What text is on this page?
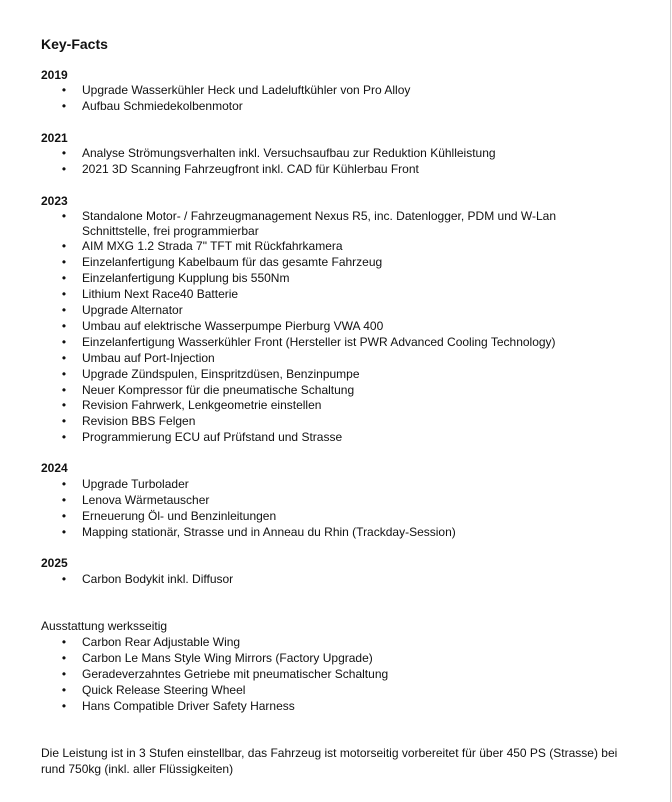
Key-Facts
2019
• Upgrade Wasserkühler Heck und Ladeluftkühler von Pro Alloy
• Aufbau Schmiedekolbenmotor
2021
• Analyse Strömungsverhalten inkl. Versuchsaufbau zur Reduktion Kühlleistung
• 2021 3D Scanning Fahrzeugfront inkl. CAD für Kühlerbau Front
2023
• Standalone Motor- / Fahrzeugmanagement Nexus R5, inc. Datenlogger, PDM und W-Lan Schnittstelle, frei programmierbar
• AIM MXG 1.2 Strada 7" TFT mit Rückfahrkamera
• Einzelanfertigung Kabelbaum für das gesamte Fahrzeug
• Einzelanfertigung Kupplung bis 550Nm
• Lithium Next Race40 Batterie
• Upgrade Alternator
• Umbau auf elektrische Wasserpumpe Pierburg VWA 400
• Einzelanfertigung Wasserkühler Front (Hersteller ist PWR Advanced Cooling Technology)
• Umbau auf Port-Injection
• Upgrade Zündspulen, Einspritzdüsen, Benzinpumpe
• Neuer Kompressor für die pneumatische Schaltung
• Revision Fahrwerk, Lenkgeometrie einstellen
• Revision BBS Felgen
• Programmierung ECU auf Prüfstand und Strasse
2024
• Upgrade Turbolader
• Lenova Wärmetauscher
• Erneuerung Öl- und Benzinleitungen
• Mapping stationär, Strasse und in Anneau du Rhin (Trackday-Session)
2025
• Carbon Bodykit inkl. Diffusor
Ausstattung werksseitig
• Carbon Rear Adjustable Wing
• Carbon Le Mans Style Wing Mirrors (Factory Upgrade)
• Geradeverzahntes Getriebe mit pneumatischer Schaltung
• Quick Release Steering Wheel
• Hans Compatible Driver Safety Harness
Die Leistung ist in 3 Stufen einstellbar, das Fahrzeug ist motorseitig vorbereitet für über 450 PS (Strasse) bei rund 750kg (inkl. aller Flüssigkeiten)
